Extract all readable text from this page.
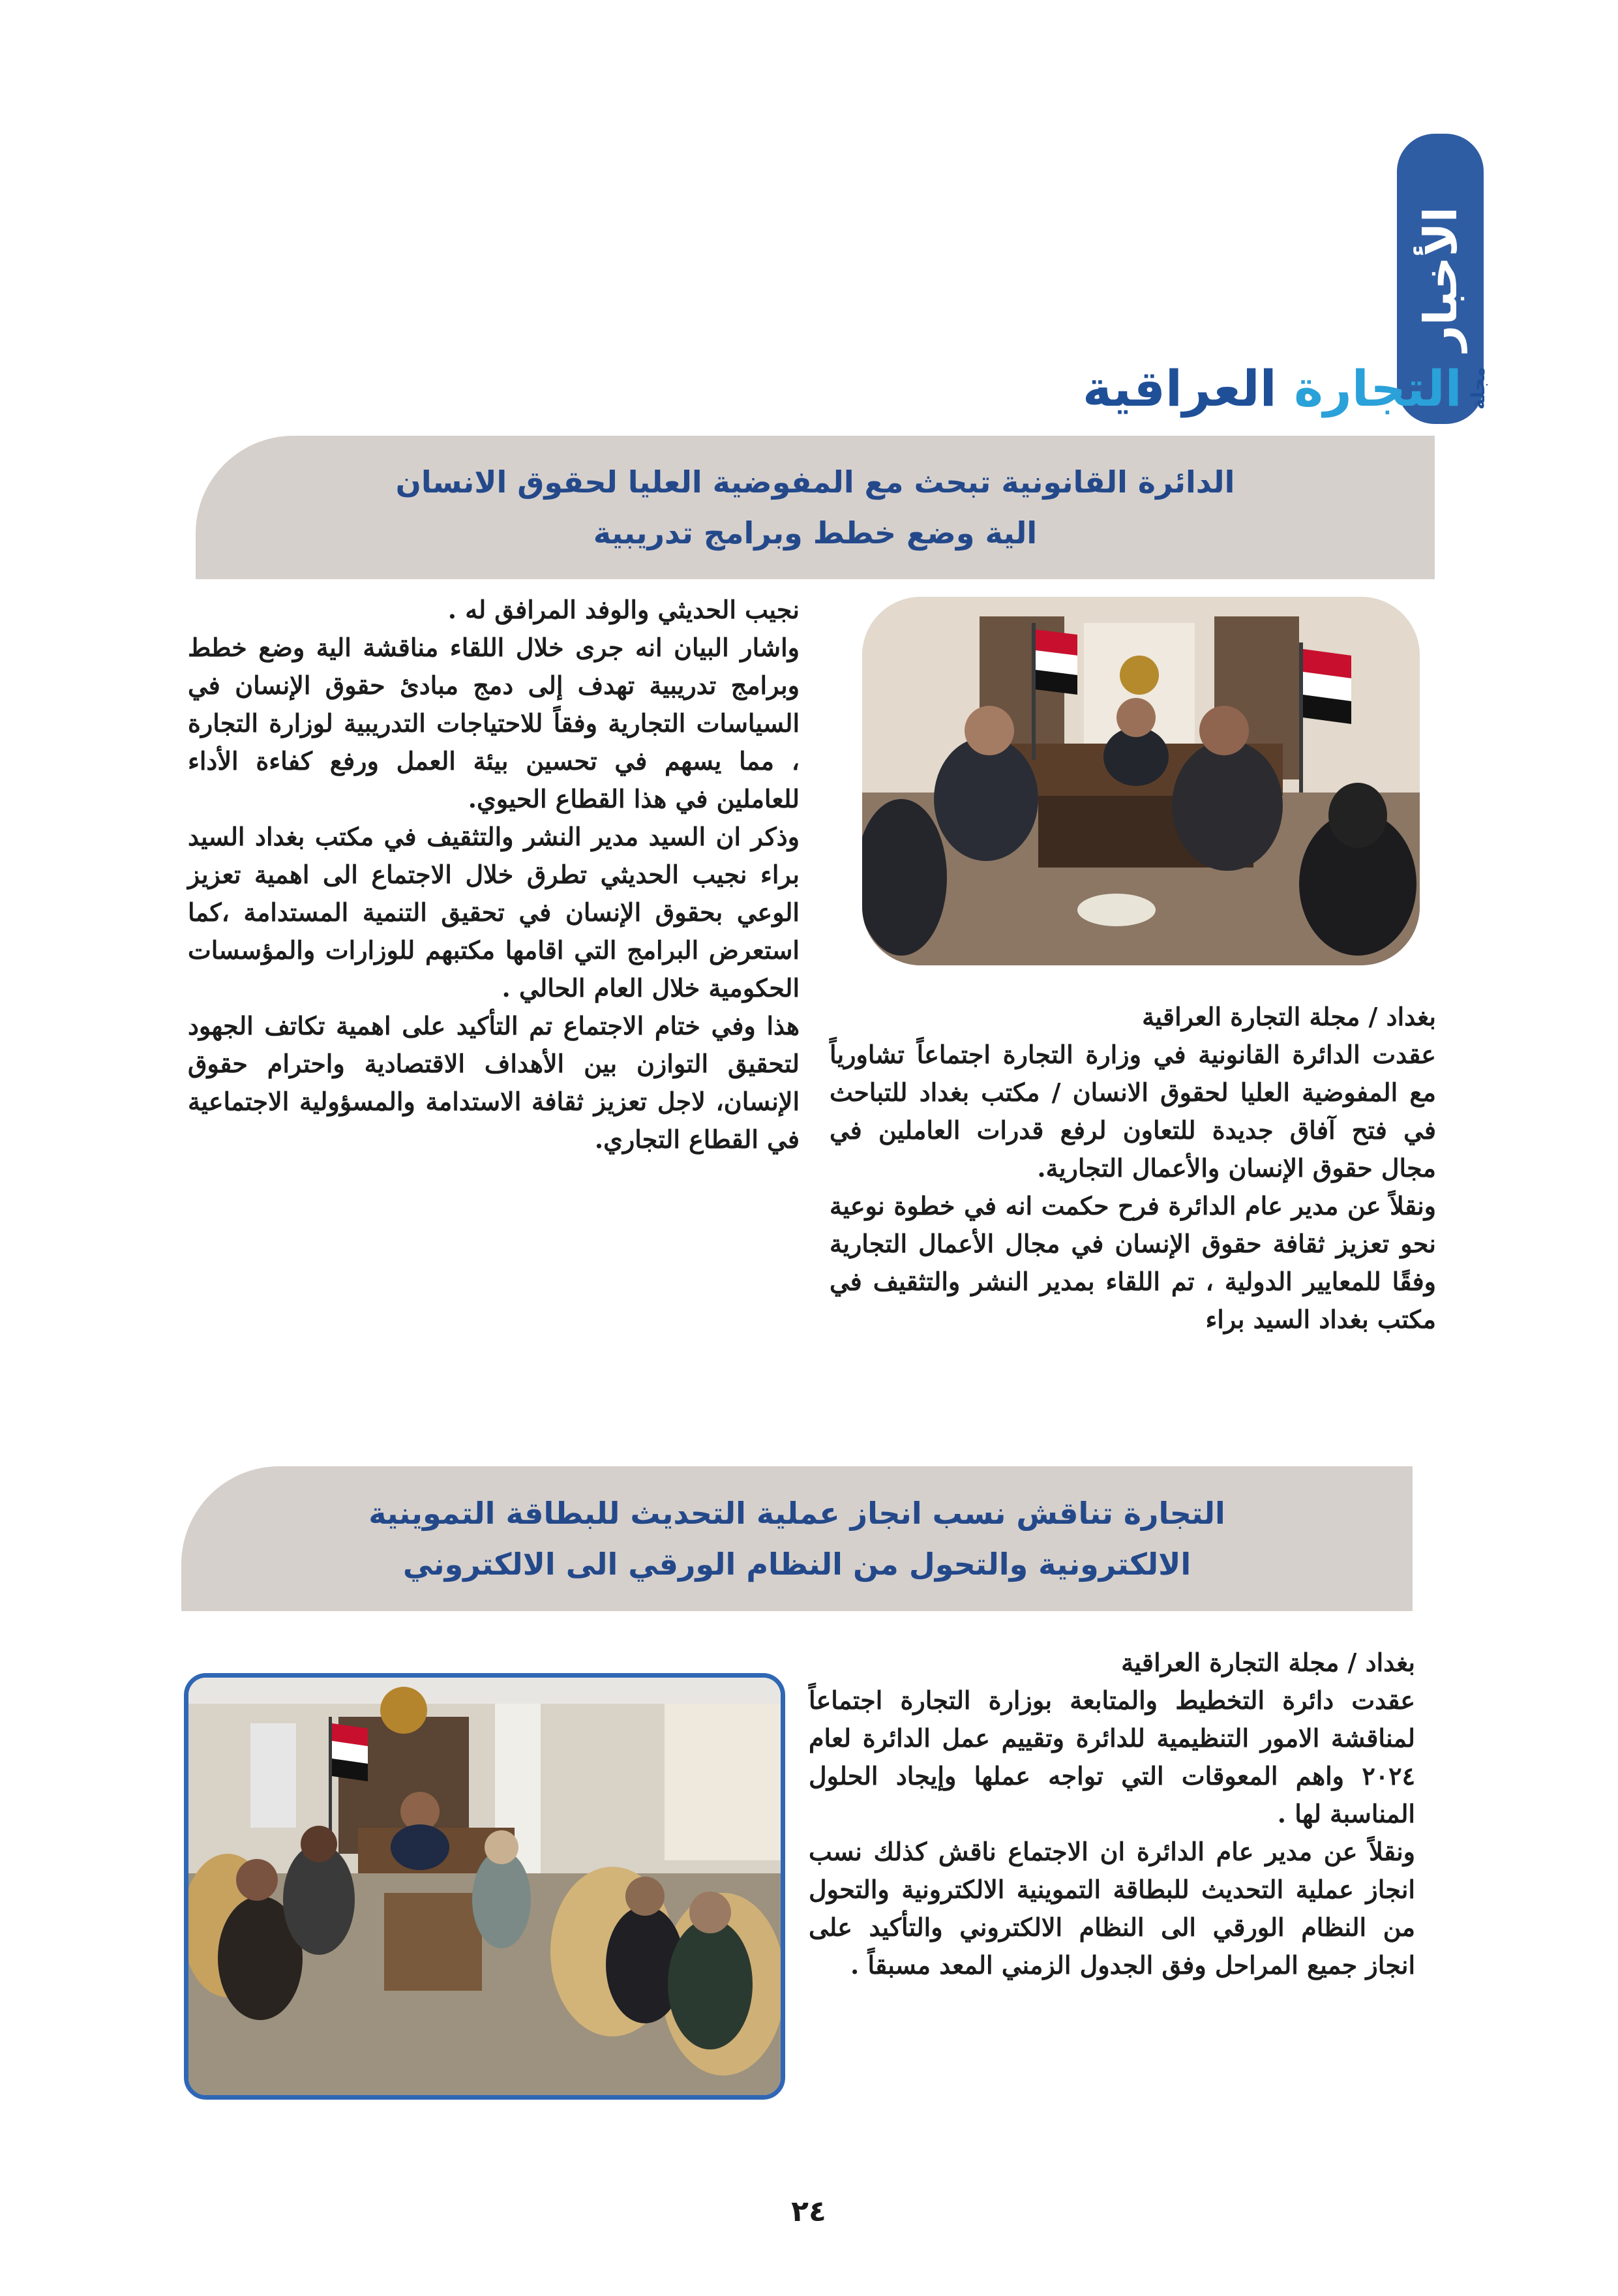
الأخبار
مجلة
التجارة العراقية
الدائرة القانونية تبحث مع المفوضية العليا لحقوق الانسان
الية وضع خطط وبرامج تدريبية

نجيب الحديثي والوفد المرافق له .

واشار البيان انه جرى خلال اللقاء مناقشة الية وضع خطط وبرامج تدريبية تهدف إلى دمج مبادئ حقوق الإنسان في السياسات التجارية وفقاً للاحتياجات التدريبية لوزارة التجارة ، مما يسهم في تحسين بيئة العمل ورفع كفاءة الأداء للعاملين في هذا القطاع الحيوي.

وذكر ان السيد مدير النشر والتثقيف في مكتب بغداد السيد براء نجيب الحديثي تطرق خلال الاجتماع الى اهمية تعزيز الوعي بحقوق الإنسان في تحقيق التنمية المستدامة ،كما استعرض البرامج التي اقامها مكتبهم للوزارات والمؤسسات الحكومية خلال العام الحالي .

هذا وفي ختام الاجتماع تم التأكيد على اهمية تكاتف الجهود لتحقيق التوازن بين الأهداف الاقتصادية واحترام حقوق الإنسان، لاجل تعزيز ثقافة الاستدامة والمسؤولية الاجتماعية في القطاع التجاري.

بغداد / مجلة التجارة العراقية

عقدت الدائرة القانونية في وزارة التجارة اجتماعاً تشاورياً مع المفوضية العليا لحقوق الانسان / مكتب بغداد للتباحث في فتح آفاق جديدة للتعاون لرفع قدرات العاملين في مجال حقوق الإنسان والأعمال التجارية.

ونقلاً عن مدير عام الدائرة فرح حكمت انه في خطوة نوعية نحو تعزيز ثقافة حقوق الإنسان في مجال الأعمال التجارية وفقًا للمعايير الدولية ، تم اللقاء بمدير النشر والتثقيف في مكتب بغداد السيد براء

التجارة تناقش نسب انجاز عملية التحديث للبطاقة التموينية
الالكترونية والتحول من النظام الورقي الى الالكتروني

بغداد / مجلة التجارة العراقية

عقدت دائرة التخطيط والمتابعة بوزارة التجارة اجتماعاً لمناقشة الامور التنظيمية للدائرة وتقييم عمل الدائرة لعام ٢٠٢٤ واهم المعوقات التي تواجه عملها وإيجاد الحلول المناسبة لها .

ونقلاً عن مدير عام الدائرة ان الاجتماع ناقش كذلك نسب انجاز عملية التحديث للبطاقة التموينية الالكترونية والتحول من النظام الورقي الى النظام الالكتروني والتأكيد على انجاز جميع المراحل وفق الجدول الزمني المعد مسبقاً .

٢٤
